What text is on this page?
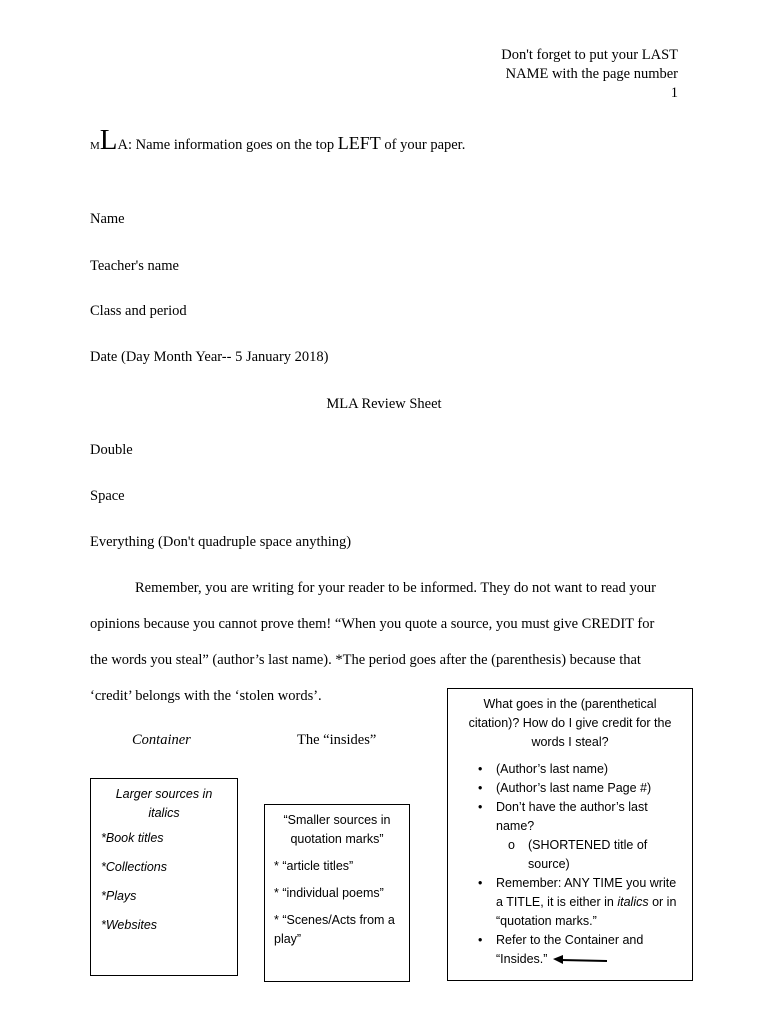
Don't forget to put your LAST
NAME with the page number
1
MLA: Name information goes on the top LEFT of your paper.
Name
Teacher's name
Class and period
Date (Day Month Year-- 5 January 2018)
MLA Review Sheet
Double
Space
Everything (Don't quadruple space anything)
Remember, you are writing for your reader to be informed. They do not want to read your
opinions because you cannot prove them! “When you quote a source, you must give CREDIT for
the words you steal” (author’s last name). *The period goes after the (parenthesis) because that
‘credit’ belongs with the ‘stolen words’.
Container	The “insides”
Larger sources in italics
*Book titles
*Collections
*Plays
*Websites
“Smaller sources in quotation marks”
* “article titles”
* “individual poems”
* “Scenes/Acts from a play”
What goes in the (parenthetical citation)? How do I give credit for the words I steal?
• (Author’s last name)
• (Author’s last name Page #)
• Don’t have the author’s last name?
o (SHORTENED title of source)
• Remember: ANY TIME you write a TITLE, it is either in italics or in “quotation marks.”
• Refer to the Container and “Insides.”
